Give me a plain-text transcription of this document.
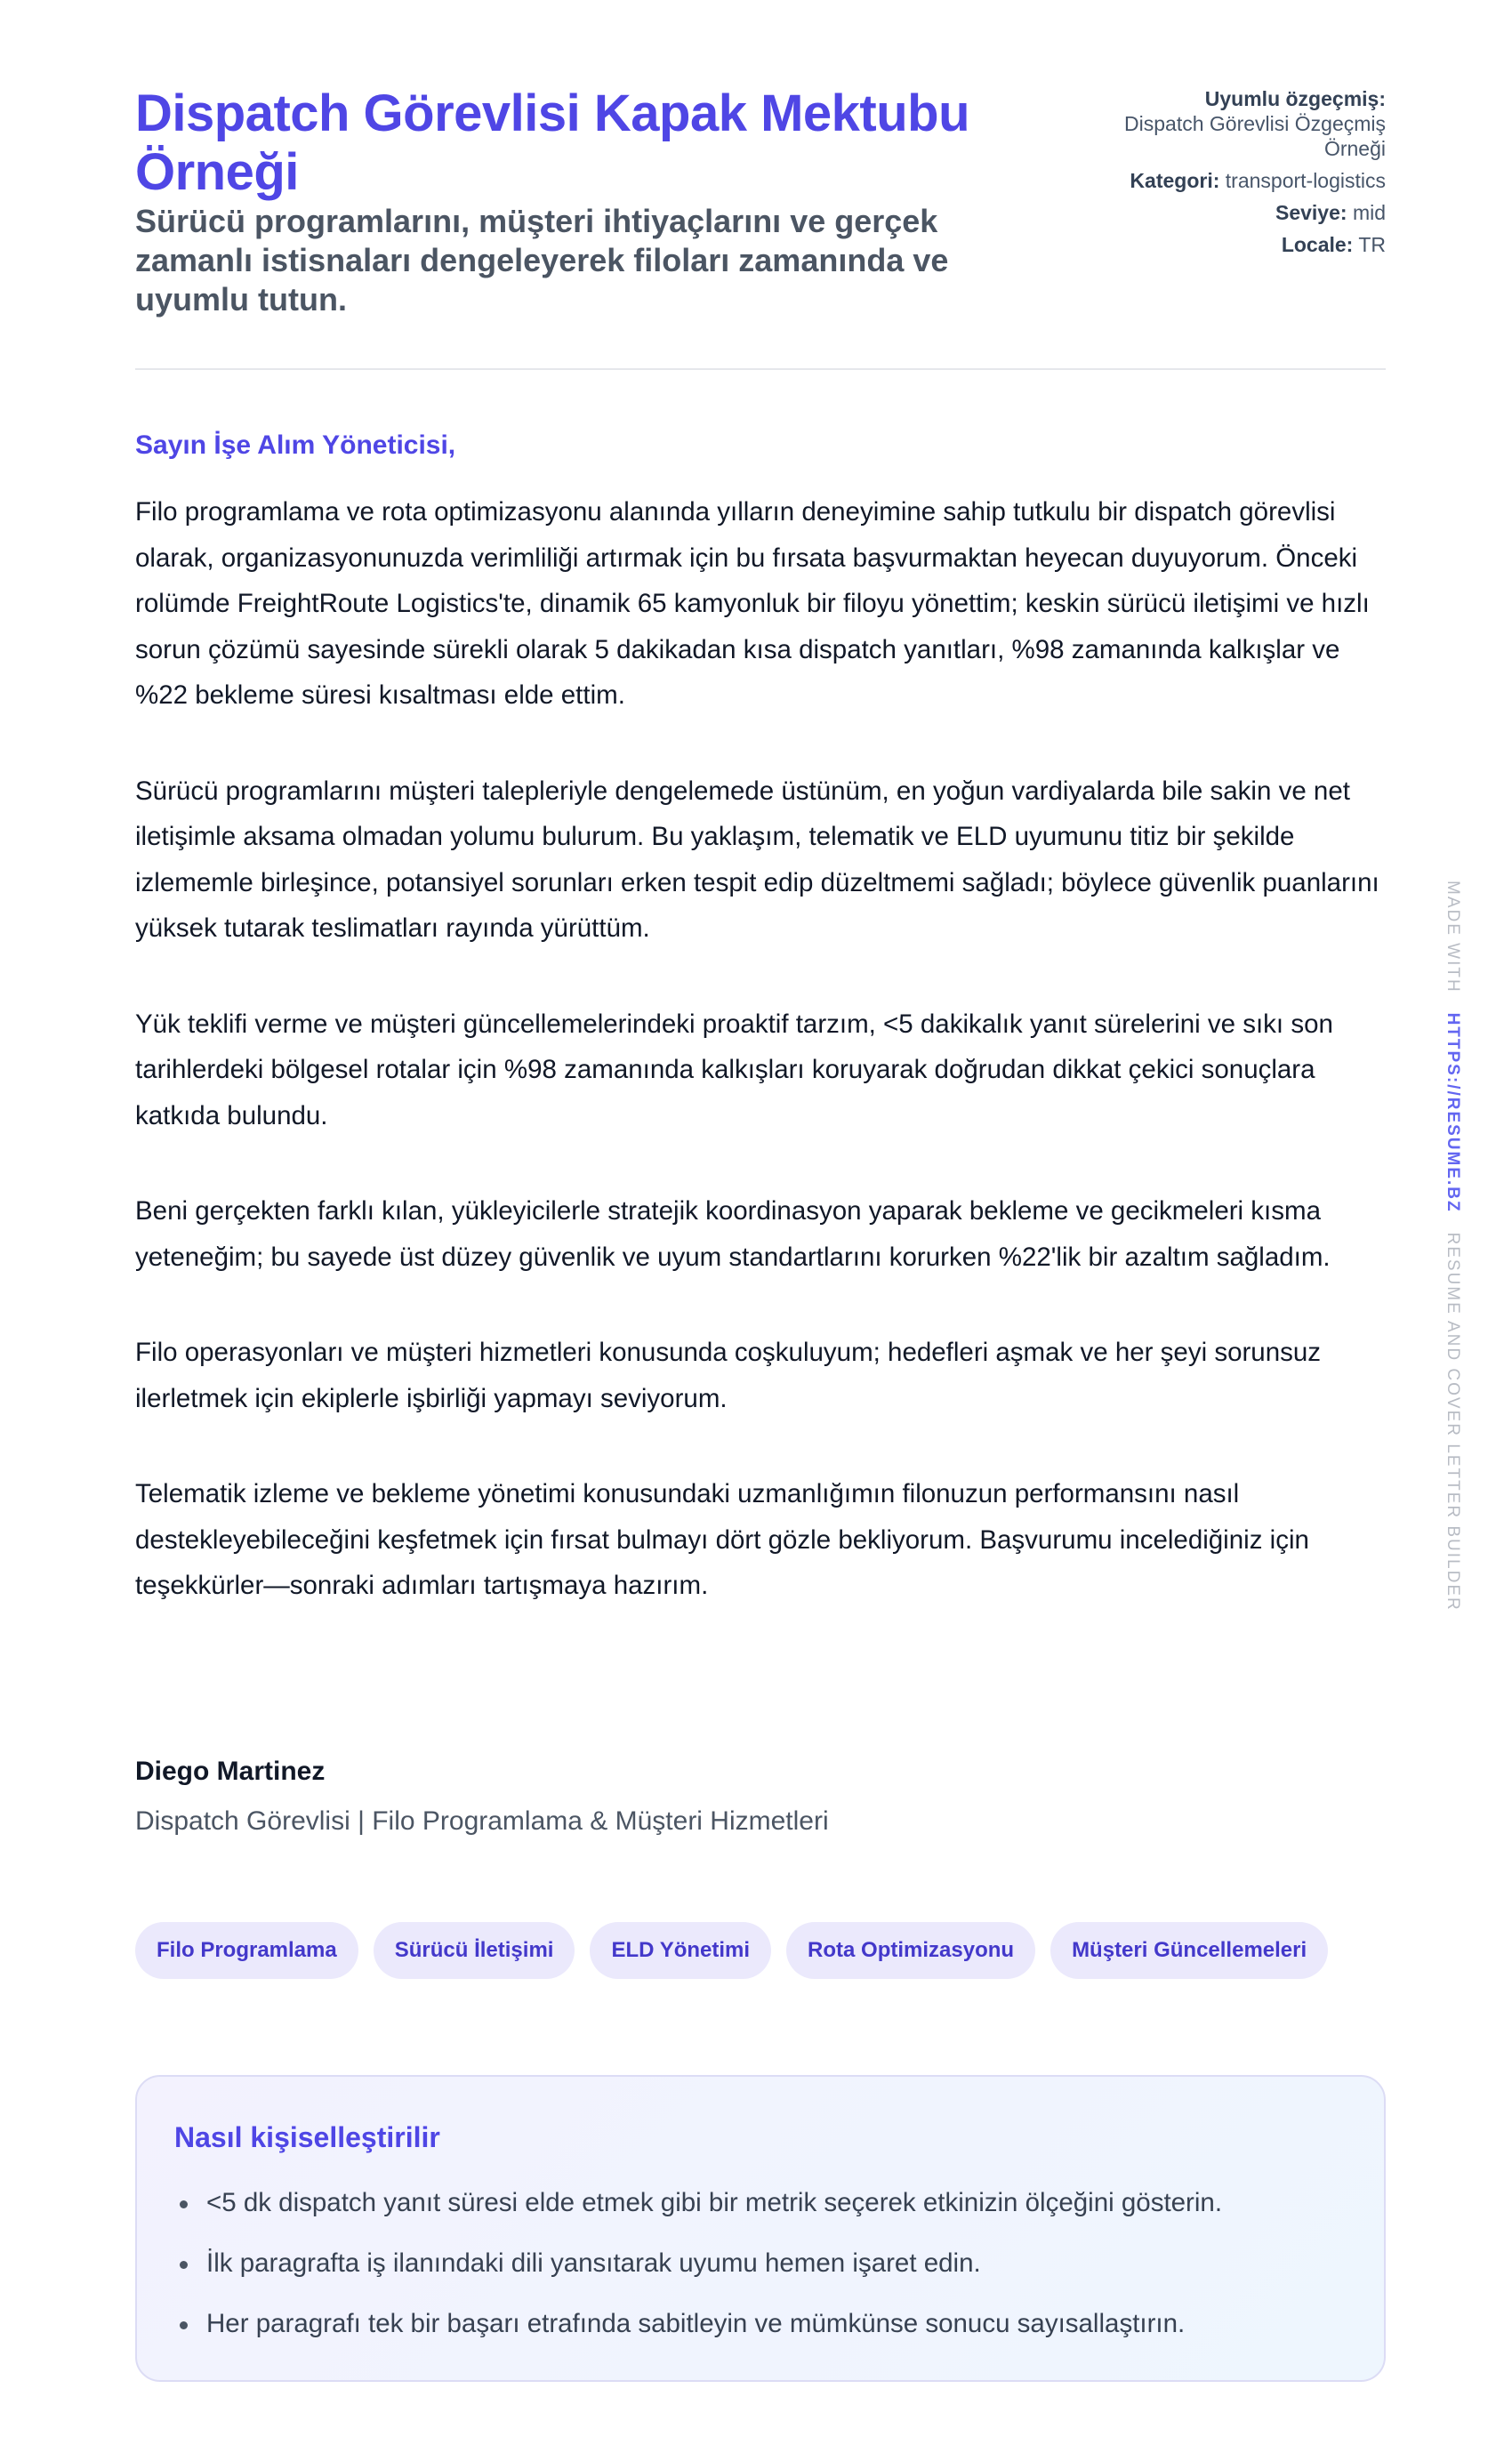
Dispatch Görevlisi Kapak Mektubu Örneği

Sürücü programlarını, müşteri ihtiyaçlarını ve gerçek zamanlı istisnaları dengeleyerek filoları zamanında ve uyumlu tutun.

Uyumlu özgeçmiş:
Dispatch Görevlisi Özgeçmiş Örneği
Kategori: transport-logistics
Seviye: mid
Locale: TR

Sayın İşe Alım Yöneticisi,

Filo programlama ve rota optimizasyonu alanında yılların deneyimine sahip tutkulu bir dispatch görevlisi olarak, organizasyonunuzda verimliliği artırmak için bu fırsata başvurmaktan heyecan duyuyorum. Önceki rolümde FreightRoute Logistics'te, dinamik 65 kamyonluk bir filoyu yönettim; keskin sürücü iletişimi ve hızlı sorun çözümü sayesinde sürekli olarak 5 dakikadan kısa dispatch yanıtları, %98 zamanında kalkışlar ve %22 bekleme süresi kısaltması elde ettim.

Sürücü programlarını müşteri talepleriyle dengelemede üstünüm, en yoğun vardiyalarda bile sakin ve net iletişimle aksama olmadan yolumu bulurum. Bu yaklaşım, telematik ve ELD uyumunu titiz bir şekilde izlememle birleşince, potansiyel sorunları erken tespit edip düzeltmemi sağladı; böylece güvenlik puanlarını yüksek tutarak teslimatları rayında yürüttüm.

Yük teklifi verme ve müşteri güncellemelerindeki proaktif tarzım, <5 dakikalık yanıt sürelerini ve sıkı son tarihlerdeki bölgesel rotalar için %98 zamanında kalkışları koruyarak doğrudan dikkat çekici sonuçlara katkıda bulundu.

Beni gerçekten farklı kılan, yükleyicilerle stratejik koordinasyon yaparak bekleme ve gecikmeleri kısma yeteneğim; bu sayede üst düzey güvenlik ve uyum standartlarını korurken %22'lik bir azaltım sağladım.

Filo operasyonları ve müşteri hizmetleri konusunda coşkuluyum; hedefleri aşmak ve her şeyi sorunsuz ilerletmek için ekiplerle işbirliği yapmayı seviyorum.

Telematik izleme ve bekleme yönetimi konusundaki uzmanlığımın filonuzun performansını nasıl destekleyebileceğini keşfetmek için fırsat bulmayı dört gözle bekliyorum. Başvurumu incelediğiniz için teşekkürler—sonraki adımları tartışmaya hazırım.

Diego Martinez
Dispatch Görevlisi | Filo Programlama & Müşteri Hizmetleri
Filo Programlama	Sürücü İletişimi	ELD Yönetimi	Rota Optimizasyonu	Müşteri Güncellemeleri
Nasıl kişiselleştirilir
<5 dk dispatch yanıt süresi elde etmek gibi bir metrik seçerek etkinizin ölçeğini gösterin.
İlk paragrafta iş ilanındaki dili yansıtarak uyumu hemen işaret edin.
Her paragrafı tek bir başarı etrafında sabitleyin ve mümkünse sonucu sayısallaştırın.
MADE WITH   HTTPS://RESUME.BZ   RESUME AND COVER LETTER BUILDER
